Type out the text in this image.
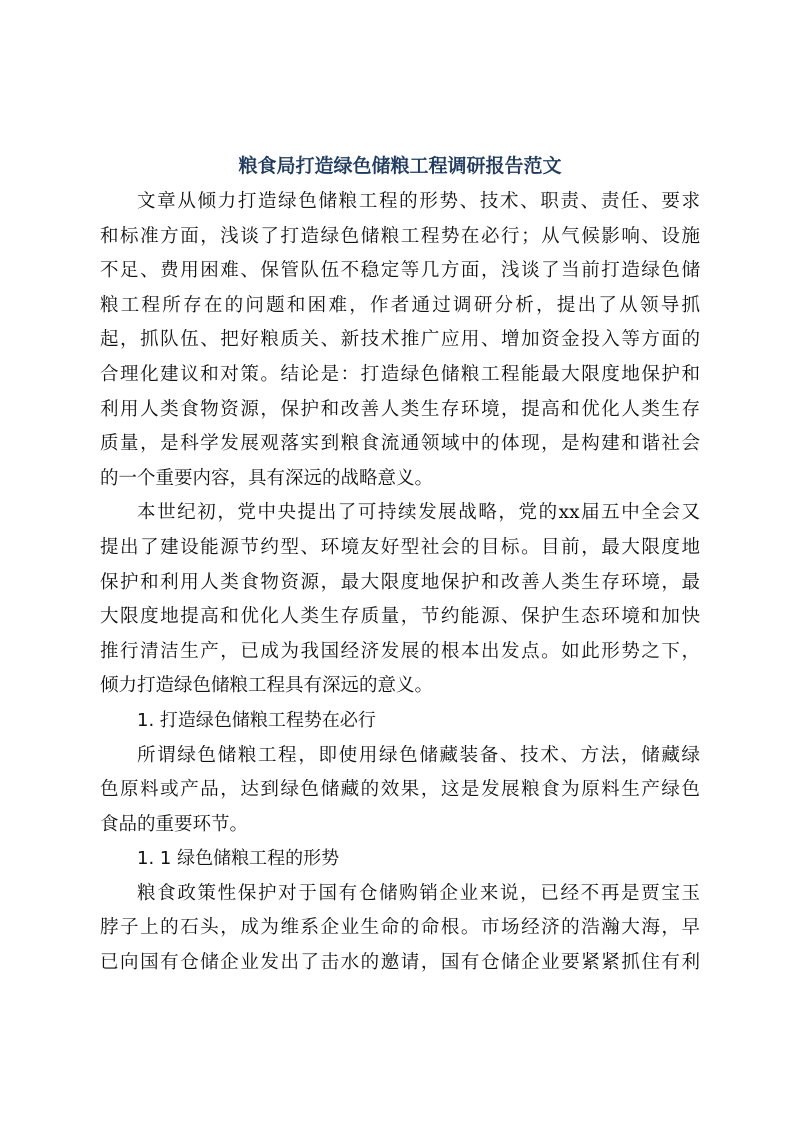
粮食局打造绿色储粮工程调研报告范文
文章从倾力打造绿色储粮工程的形势、技术、职责、责任、要求
和标准方面，浅谈了打造绿色储粮工程势在必行；从气候影响、设施
不足、费用困难、保管队伍不稳定等几方面，浅谈了当前打造绿色储
粮工程所存在的问题和困难，作者通过调研分析，提出了从领导抓
起，抓队伍、把好粮质关、新技术推广应用、增加资金投入等方面的
合理化建议和对策。结论是：打造绿色储粮工程能最大限度地保护和
利用人类食物资源，保护和改善人类生存环境，提高和优化人类生存
质量，是科学发展观落实到粮食流通领域中的体现，是构建和谐社会
的一个重要内容，具有深远的战略意义。
本世纪初，党中央提出了可持续发展战略，党的xx届五中全会又
提出了建设能源节约型、环境友好型社会的目标。目前，最大限度地
保护和利用人类食物资源，最大限度地保护和改善人类生存环境，最
大限度地提高和优化人类生存质量，节约能源、保护生态环境和加快
推行清洁生产，已成为我国经济发展的根本出发点。如此形势之下，
倾力打造绿色储粮工程具有深远的意义。
1. 打造绿色储粮工程势在必行
所谓绿色储粮工程，即使用绿色储藏装备、技术、方法，储藏绿
色原料或产品，达到绿色储藏的效果，这是发展粮食为原料生产绿色
食品的重要环节。
1. 1 绿色储粮工程的形势
粮食政策性保护对于国有仓储购销企业来说，已经不再是贾宝玉
脖子上的石头，成为维系企业生命的命根。市场经济的浩瀚大海，早
已向国有仓储企业发出了击水的邀请，国有仓储企业要紧紧抓住有利
